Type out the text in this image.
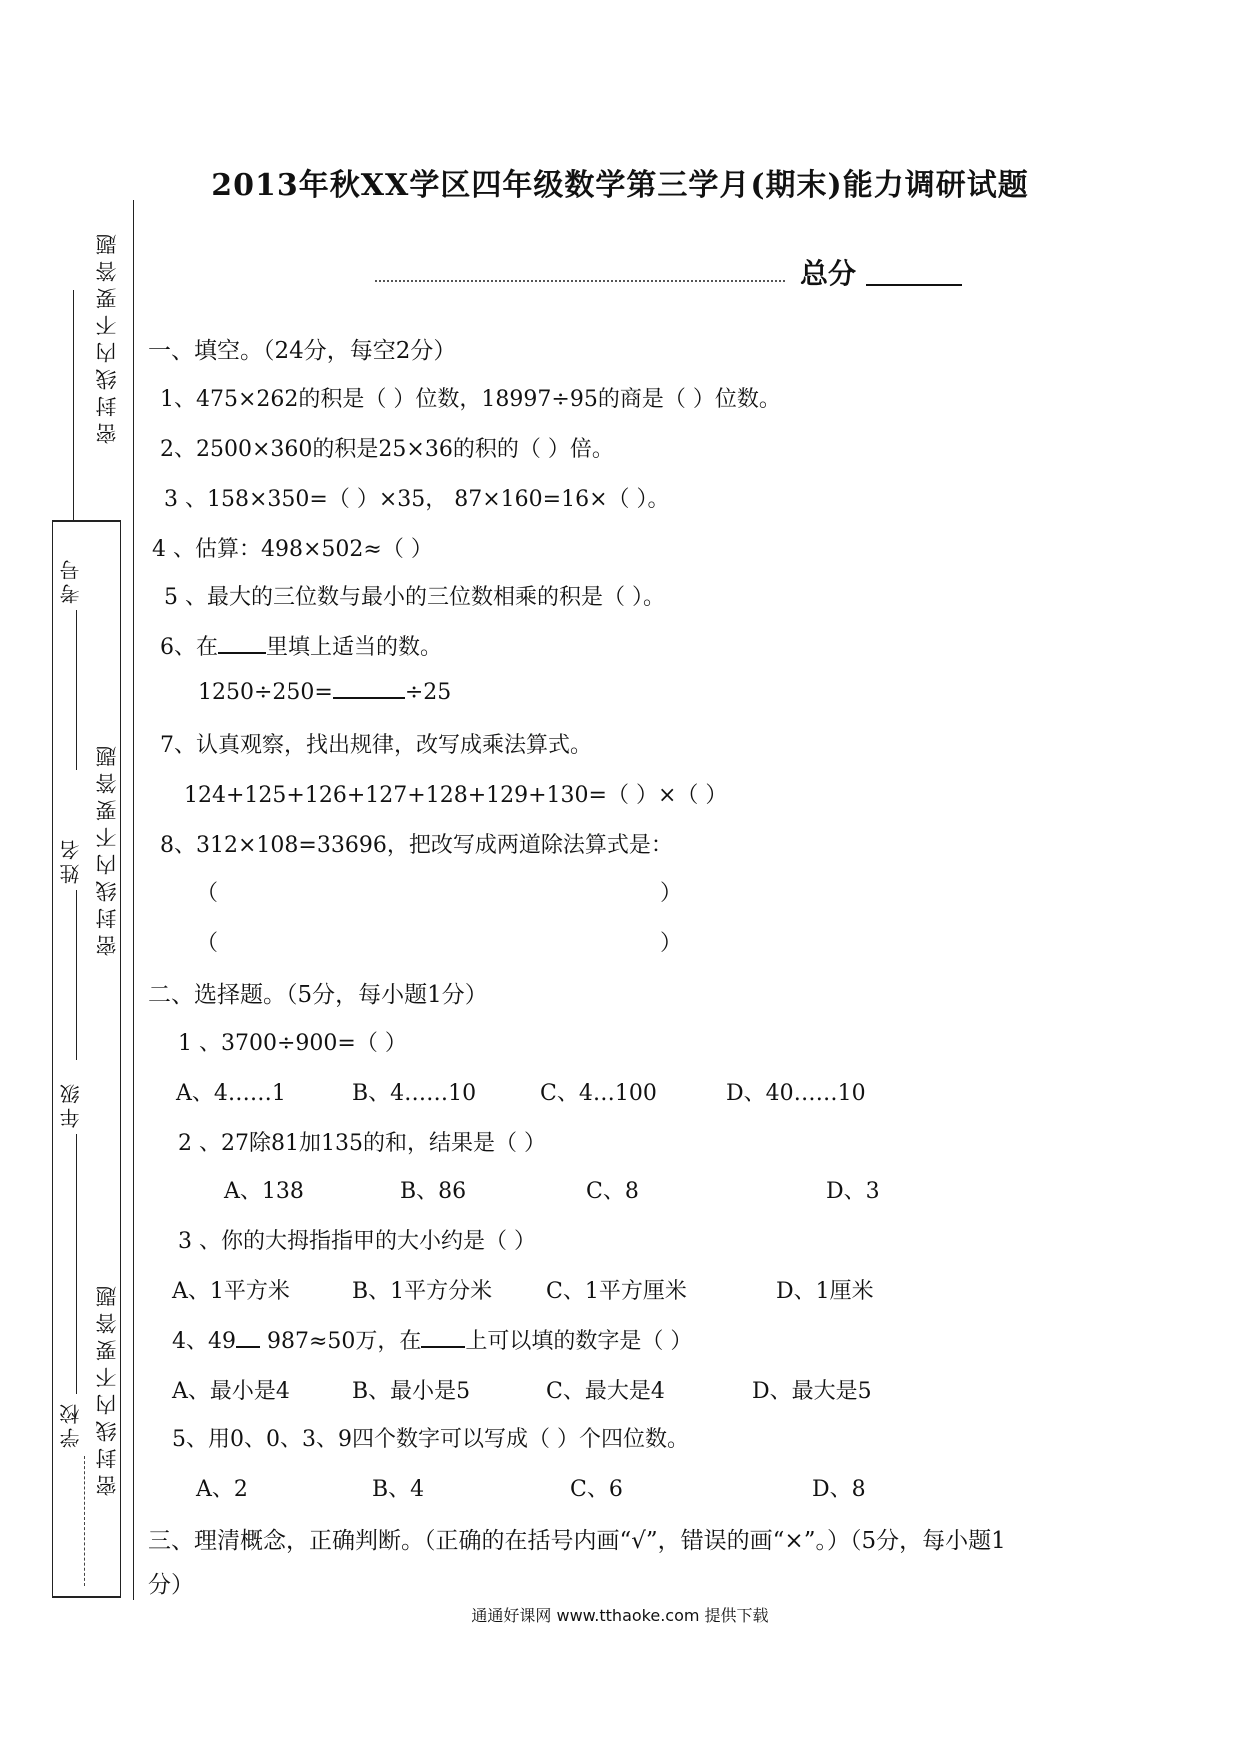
密封线内不要答题
密封线内不要答题
密封线内不要答题
考号
姓名
年级
学校
2013年秋XX学区四年级数学第三学月(期末)能力调研试题
总分
一、填空。（24分，每空2分）
1、475×262的积是（ ）位数，18997÷95的商是（ ）位数。
2、2500×360的积是25×36的积的（ ）倍。
3 、158×350=（ ）×35， 87×160=16×（ ）。
4 、估算：498×502≈（ ）
5 、最大的三位数与最小的三位数相乘的积是（ ）。
6、在 里填上适当的数。
1250÷250=	÷25
7、认真观察，找出规律，改写成乘法算式。
124+125+126+127+128+129+130=（ ）×（ ）
8、312×108=33696，把改写成两道除法算式是：
（	）
（	）
二、选择题。（5分，每小题1分）
1 、3700÷900=（ ）
A、4……1	B、4……10	C、4…100	D、40……10
2 、27除81加135的和，结果是（ ）
A、138	B、86	C、8	D、3
3 、你的大拇指指甲的大小约是（ ）
A、1平方米	B、1平方分米 C、1平方厘米	D、1厘米
4、49 987≈50万，在 上可以填的数字是（ ）
A、最小是4	B、最小是5	C、最大是4	D、最大是5
5、用0、0、3、9四个数字可以写成（ ）个四位数。
A、2	B、4	C、6	D、8
三、理清概念，正确判断。（正确的在括号内画“√”，错误的画“×”。）（5分，每小题1
分）
通通好课网 www.tthaoke.com 提供下载
